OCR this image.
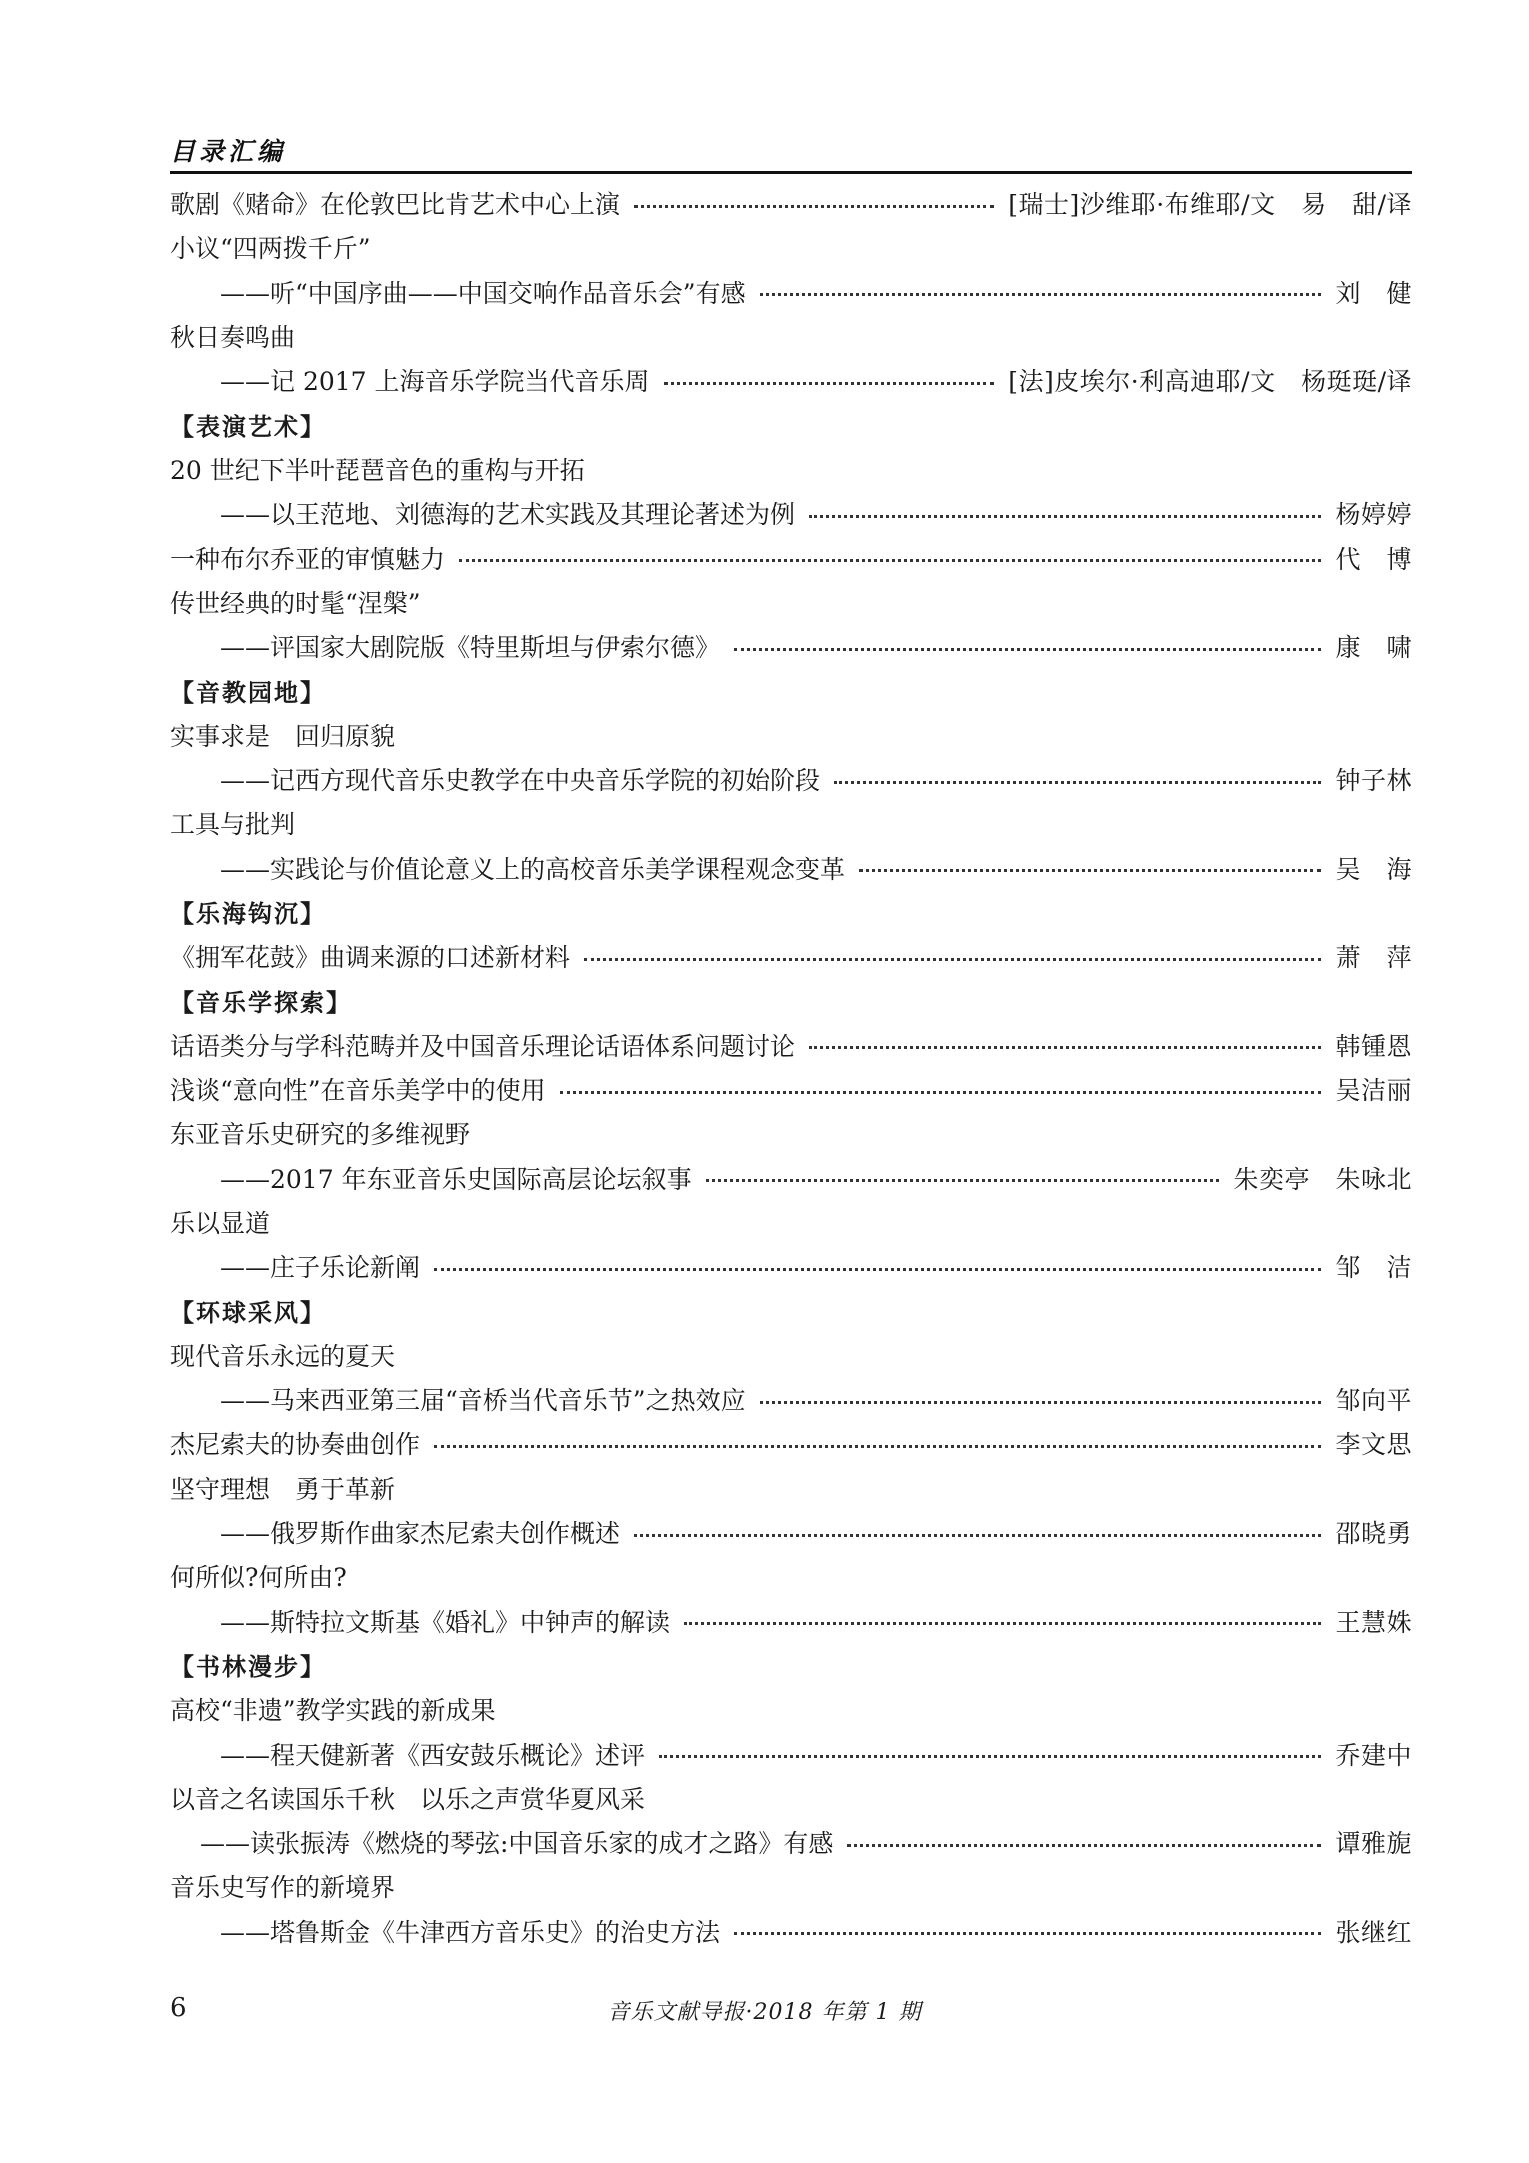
目录汇编
歌剧《赌命》在伦敦巴比肯艺术中心上演	[瑞士]沙维耶·布维耶/文　易　甜/译
小议“四两拨千斤”
——听“中国序曲——中国交响作品音乐会”有感	刘　健
秋日奏鸣曲
——记 2017 上海音乐学院当代音乐周	[法]皮埃尔·利高迪耶/文　杨珽珽/译
【表演艺术】
20 世纪下半叶琵琶音色的重构与开拓
——以王范地、刘德海的艺术实践及其理论著述为例	杨婷婷
一种布尔乔亚的审慎魅力	代　博
传世经典的时髦“涅槃”
——评国家大剧院版《特里斯坦与伊索尔德》	康　啸
【音教园地】
实事求是　回归原貌
——记西方现代音乐史教学在中央音乐学院的初始阶段	钟子林
工具与批判
——实践论与价值论意义上的高校音乐美学课程观念变革	吴　海
【乐海钩沉】
《拥军花鼓》曲调来源的口述新材料	萧　萍
【音乐学探索】
话语类分与学科范畴并及中国音乐理论话语体系问题讨论	韩锺恩
浅谈“意向性”在音乐美学中的使用	吴洁丽
东亚音乐史研究的多维视野
——2017 年东亚音乐史国际高层论坛叙事	朱奕亭　朱咏北
乐以显道
——庄子乐论新阐	邹　洁
【环球采风】
现代音乐永远的夏天
——马来西亚第三届“音桥当代音乐节”之热效应	邹向平
杰尼索夫的协奏曲创作	李文思
坚守理想　勇于革新
——俄罗斯作曲家杰尼索夫创作概述	邵晓勇
何所似?何所由?
——斯特拉文斯基《婚礼》中钟声的解读	王慧姝
【书林漫步】
高校“非遗”教学实践的新成果
——程天健新著《西安鼓乐概论》述评	乔建中
以音之名读国乐千秋　以乐之声赏华夏风采
——读张振涛《燃烧的琴弦:中国音乐家的成才之路》有感	谭雅旎
音乐史写作的新境界
——塔鲁斯金《牛津西方音乐史》的治史方法	张继红
6	音乐文献导报·2018 年第 1 期
